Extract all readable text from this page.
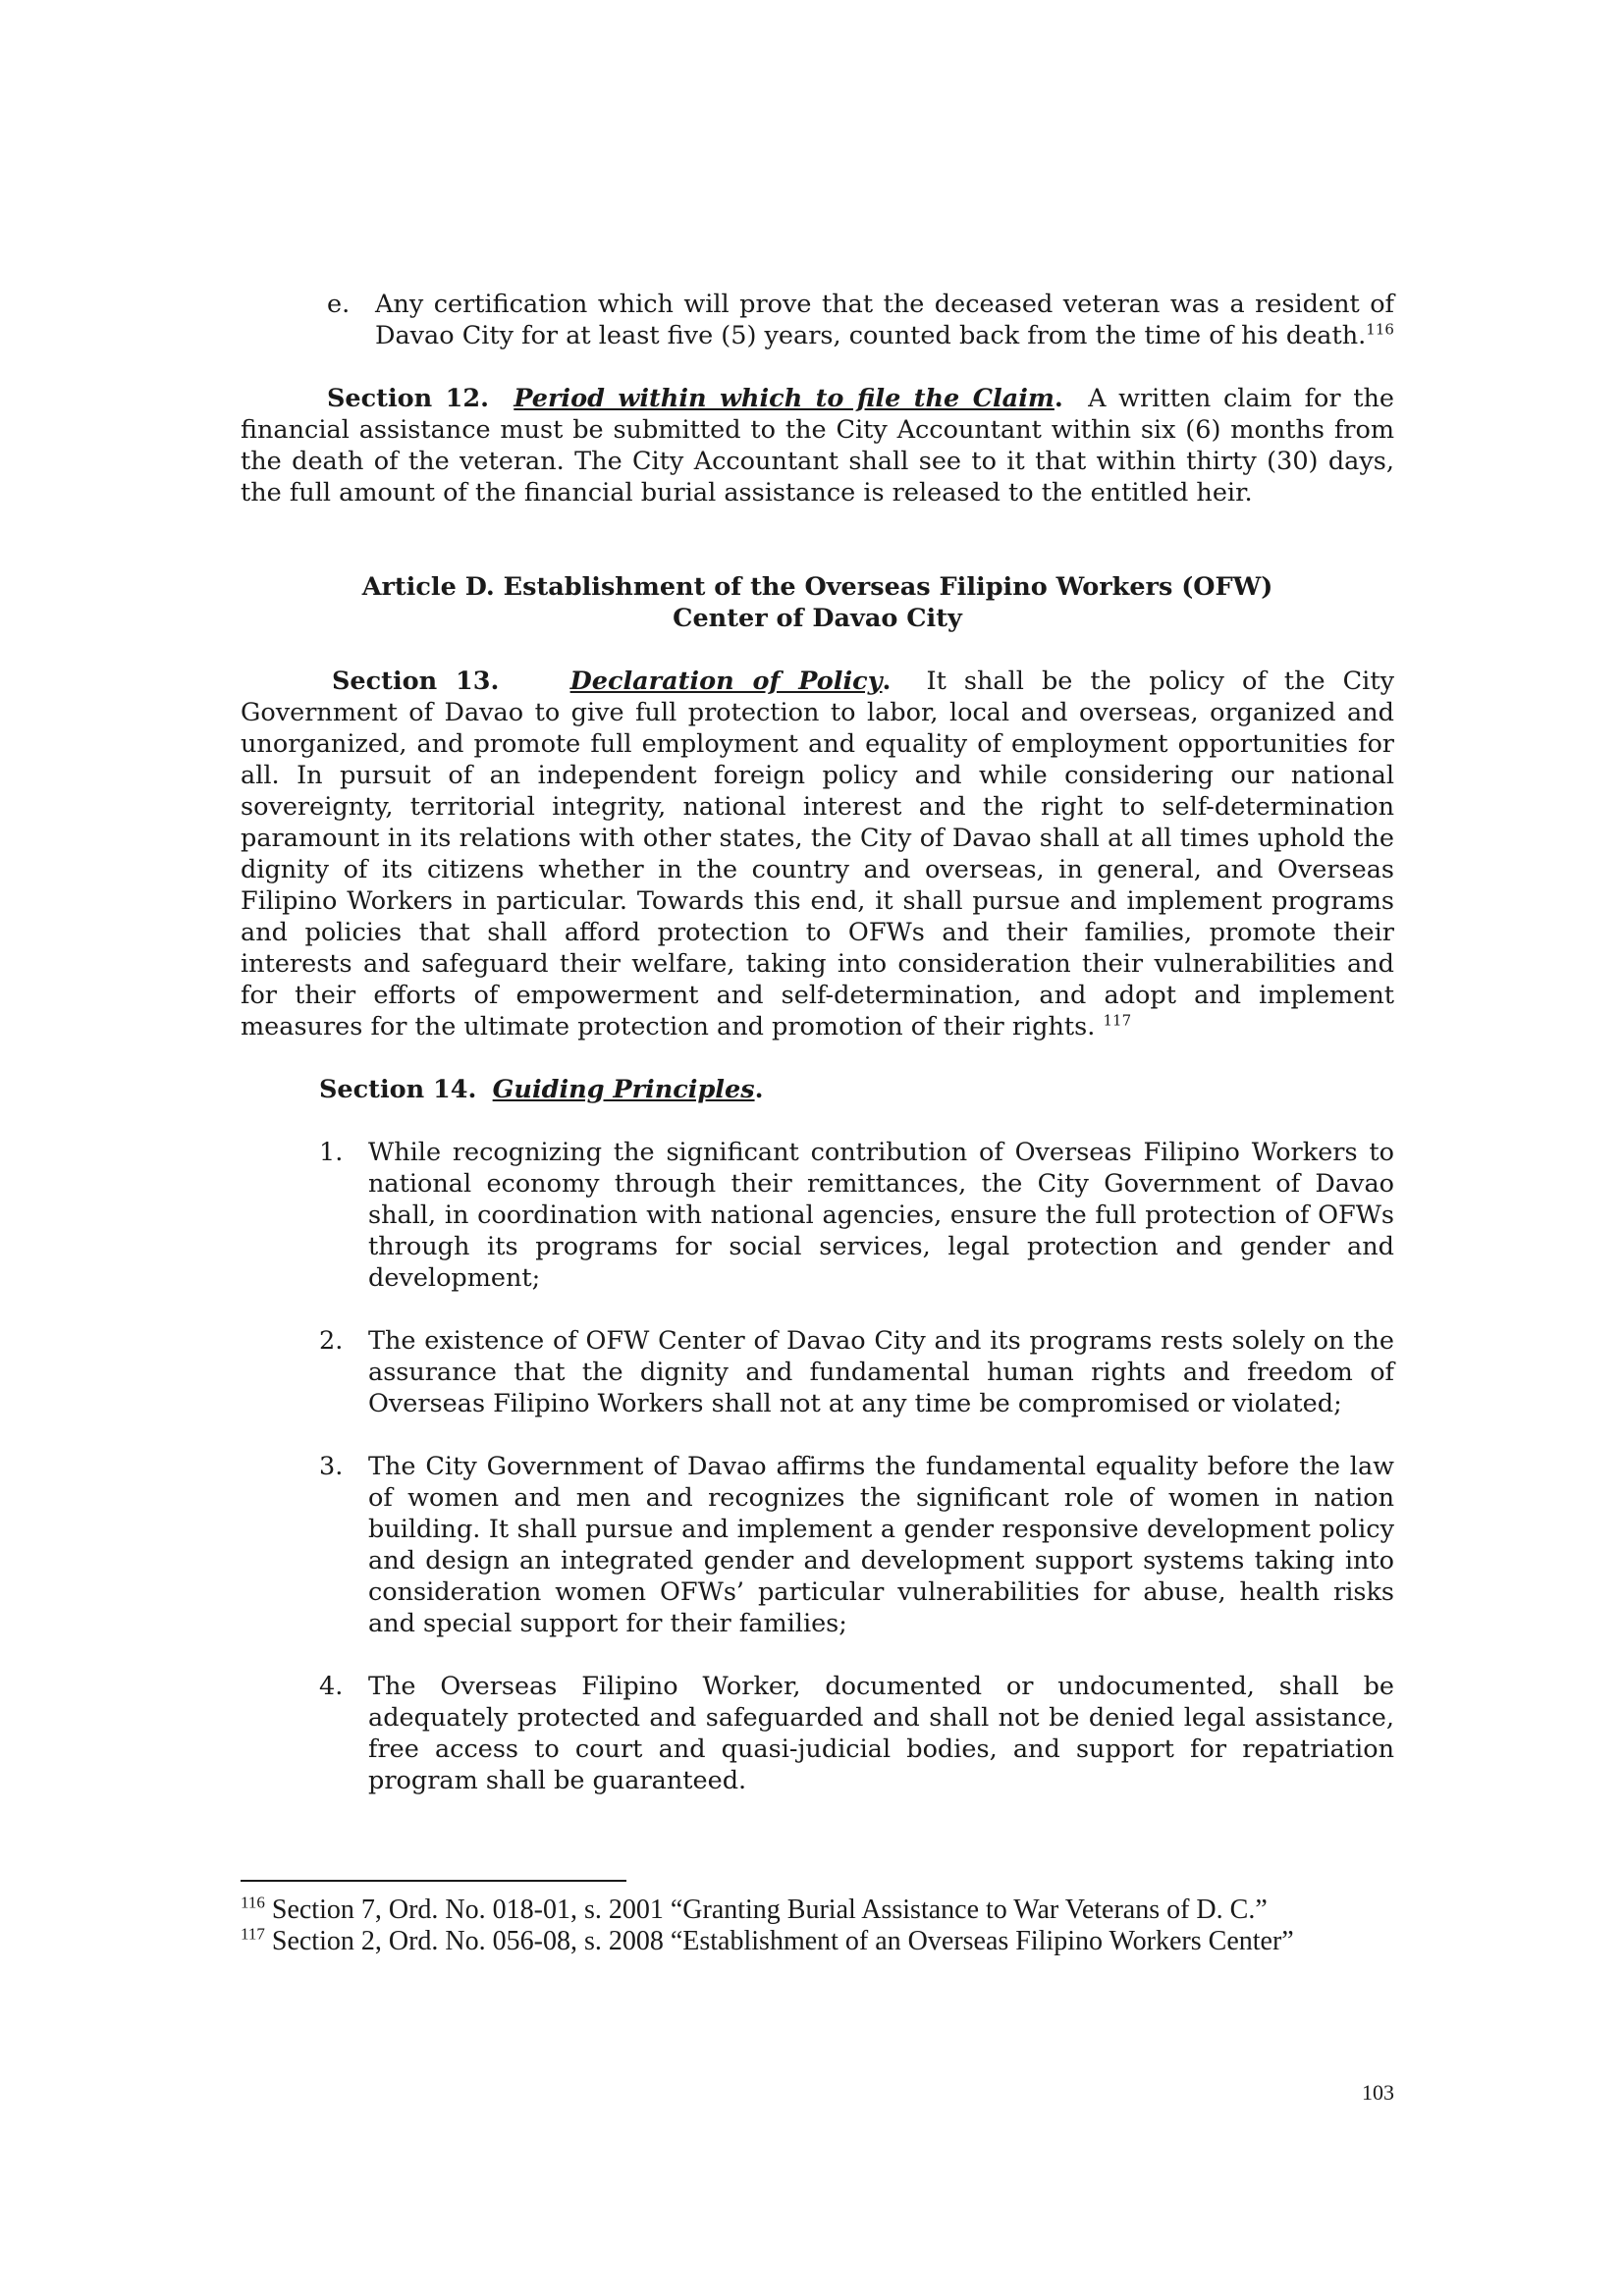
e. Any certification which will prove that the deceased veteran was a resident of Davao City for at least five (5) years, counted back from the time of his death.$^{116}$
Section 12. Period within which to file the Claim. A written claim for the financial assistance must be submitted to the City Accountant within six (6) months from the death of the veteran. The City Accountant shall see to it that within thirty (30) days, the full amount of the financial burial assistance is released to the entitled heir.
Article D. Establishment of the Overseas Filipino Workers (OFW)
Center of Davao City
Section 13.	Declaration of Policy. It shall be the policy of the City Government of Davao to give full protection to labor, local and overseas, organized and unorganized, and promote full employment and equality of employment opportunities for all. In pursuit of an independent foreign policy and while considering our national sovereignty, territorial integrity, national interest and the right to self-determination paramount in its relations with other states, the City of Davao shall at all times uphold the dignity of its citizens whether in the country and overseas, in general, and Overseas Filipino Workers in particular. Towards this end, it shall pursue and implement programs and policies that shall afford protection to OFWs and their families, promote their interests and safeguard their welfare, taking into consideration their vulnerabilities and for their efforts of empowerment and self-determination, and adopt and implement measures for the ultimate protection and promotion of their rights. $^{117}$
Section 14. Guiding Principles.
1. While recognizing the significant contribution of Overseas Filipino Workers to national economy through their remittances, the City Government of Davao shall, in coordination with national agencies, ensure the full protection of OFWs through its programs for social services, legal protection and gender and development;
2. The existence of OFW Center of Davao City and its programs rests solely on the assurance that the dignity and fundamental human rights and freedom of Overseas Filipino Workers shall not at any time be compromised or violated;
3. The City Government of Davao affirms the fundamental equality before the law of women and men and recognizes the significant role of women in nation building. It shall pursue and implement a gender responsive development policy and design an integrated gender and development support systems taking into consideration women OFWs’ particular vulnerabilities for abuse, health risks and special support for their families;
4. The Overseas Filipino Worker, documented or undocumented, shall be adequately protected and safeguarded and shall not be denied legal assistance, free access to court and quasi-judicial bodies, and support for repatriation program shall be guaranteed.
$^{116}$ Section 7, Ord. No. 018-01, s. 2001 “Granting Burial Assistance to War Veterans of D. C.”
$^{117}$ Section 2, Ord. No. 056-08, s. 2008 “Establishment of an Overseas Filipino Workers Center”
103
